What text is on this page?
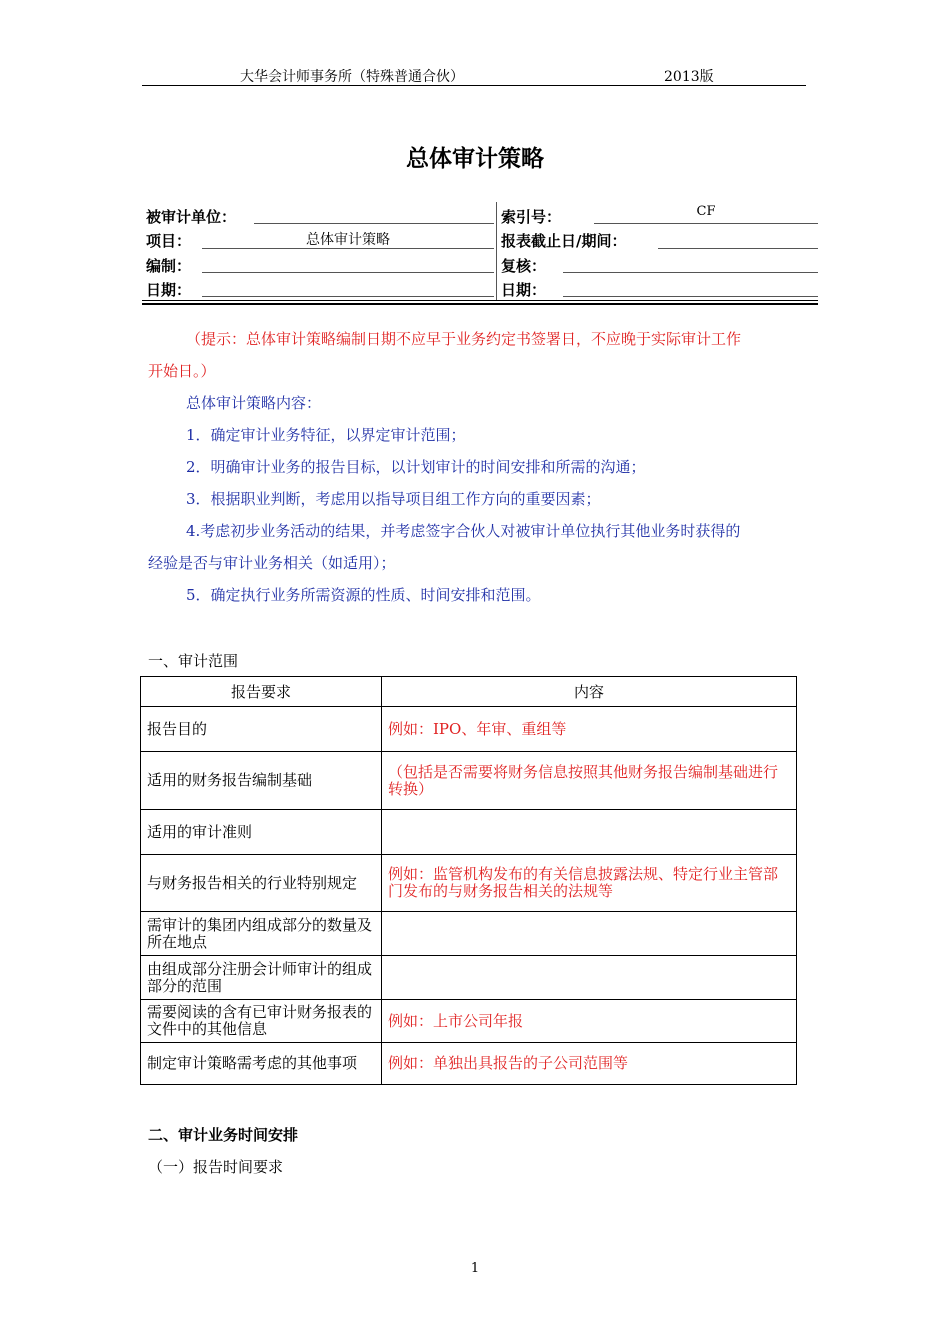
大华会计师事务所（特殊普通合伙）	2013版
总体审计策略
被审计单位：	索引号：	CF
项目：	总体审计策略	报表截止日/期间：
编制：	复核：
日期：	日期：
（提示：总体审计策略编制日期不应早于业务约定书签署日，不应晚于实际审计工作
开始日。）
总体审计策略内容：
1．确定审计业务特征，以界定审计范围；
2．明确审计业务的报告目标，以计划审计的时间安排和所需的沟通；
3．根据职业判断，考虑用以指导项目组工作方向的重要因素；
4.考虑初步业务活动的结果，并考虑签字合伙人对被审计单位执行其他业务时获得的
经验是否与审计业务相关（如适用）；
5．确定执行业务所需资源的性质、时间安排和范围。
一、审计范围
报告要求	内容
报告目的	例如：IPO、年审、重组等
适用的财务报告编制基础	（包括是否需要将财务信息按照其他财务报告编制基础进行转换）
适用的审计准则	
与财务报告相关的行业特别规定	例如：监管机构发布的有关信息披露法规、特定行业主管部门发布的与财务报告相关的法规等
需审计的集团内组成部分的数量及所在地点	
由组成部分注册会计师审计的组成部分的范围	
需要阅读的含有已审计财务报表的文件中的其他信息	例如：上市公司年报
制定审计策略需考虑的其他事项	例如：单独出具报告的子公司范围等
二、审计业务时间安排
（一）报告时间要求
1
